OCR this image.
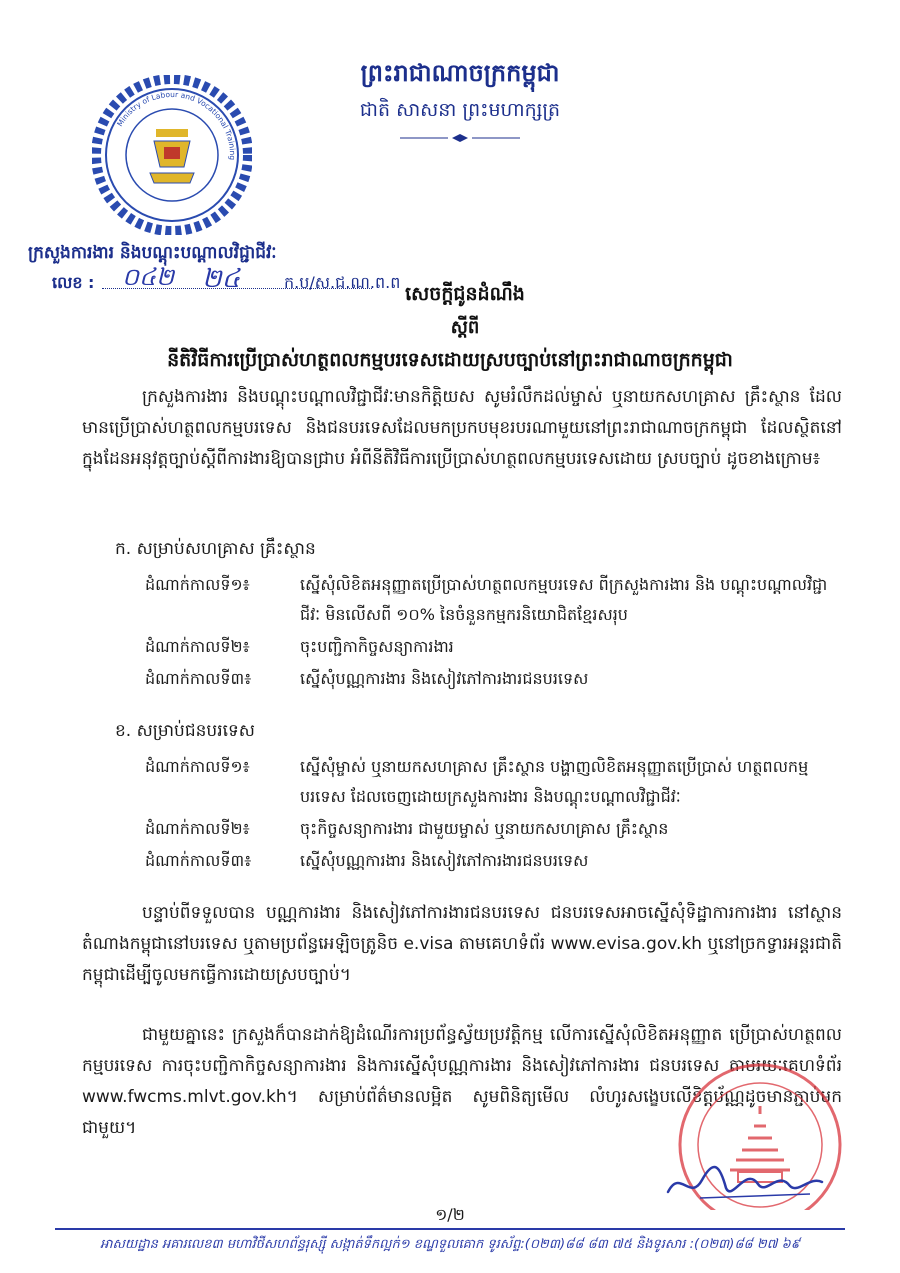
ព្រះរាជាណាចក្រកម្ពុជា
ជាតិ សាសនា ព្រះមហាក្សត្រ
Ministry of Labour and Vocational Training
ក្រសួងការងារ និងបណ្តុះបណ្តាលវិជ្ជាជីវៈ
លេខ : ០៤២ ២៤	ក.ប/ស.ជ.ណ.ព.ព
សេចក្តីជូនដំណឹង
ស្តីពី
នីតិវិធីការប្រើប្រាស់ហត្ថពលកម្មបរទេសដោយស្របច្បាប់នៅព្រះរាជាណាចក្រកម្ពុជា
ក្រសួងការងារ និងបណ្តុះបណ្តាលវិជ្ជាជីវៈមានកិត្តិយស សូមរំលឹកដល់ម្ចាស់ ឬនាយកសហគ្រាស គ្រឹះស្ថាន ដែលមានប្រើប្រាស់ហត្ថពលកម្មបរទេស និងជនបរទេសដែលមកប្រកបមុខរបរណាមួយនៅព្រះរាជាណាចក្រកម្ពុជា ដែលស្ថិតនៅក្នុងដែនអនុវត្តច្បាប់ស្តីពីការងារឱ្យបានជ្រាប អំពីនីតិវិធីការប្រើប្រាស់ហត្ថពលកម្មបរទេសដោយ ស្របច្បាប់ ដូចខាងក្រោម៖
ក. សម្រាប់សហគ្រាស គ្រឹះស្ថាន
ដំណាក់កាលទី១៖	ស្នើសុំលិខិតអនុញ្ញាតប្រើប្រាស់ហត្ថពលកម្មបរទេស ពីក្រសួងការងារ និង បណ្តុះបណ្តាលវិជ្ជាជីវៈ មិនលើសពី ១០% នៃចំនួនកម្មករនិយោជិតខ្មែរសរុប
ដំណាក់កាលទី២៖	ចុះបញ្ជិកាកិច្ចសន្យាការងារ
ដំណាក់កាលទី៣៖	ស្នើសុំបណ្ណការងារ និងសៀវភៅការងារជនបរទេស
ខ. សម្រាប់ជនបរទេស
ដំណាក់កាលទី១៖	ស្នើសុំម្ចាស់ ឬនាយកសហគ្រាស គ្រឹះស្ថាន បង្ហាញលិខិតអនុញ្ញាតប្រើប្រាស់ ហត្ថពលកម្មបរទេស ដែលចេញដោយក្រសួងការងារ និងបណ្តុះបណ្តាលវិជ្ជាជីវៈ
ដំណាក់កាលទី២៖	ចុះកិច្ចសន្យាការងារ ជាមួយម្ចាស់ ឬនាយកសហគ្រាស គ្រឹះស្ថាន
ដំណាក់កាលទី៣៖	ស្នើសុំបណ្ណការងារ និងសៀវភៅការងារជនបរទេស
បន្ទាប់ពីទទួលបាន បណ្ណការងារ និងសៀវភៅការងារជនបរទេស ជនបរទេសអាចស្នើសុំទិដ្ឋាការការងារ នៅស្ថានតំណាងកម្ពុជានៅបរទេស ឬតាមប្រព័ន្ធអេឡិចត្រូនិច e.visa តាមគេហទំព័រ www.evisa.gov.kh ឬនៅច្រកទ្វារអន្តរជាតិកម្ពុជាដើម្បីចូលមកធ្វើការដោយស្របច្បាប់។
ជាមួយគ្នានេះ ក្រសួងក៏បានដាក់ឱ្យដំណើរការប្រព័ន្ធស្វ័យប្រវត្តិកម្ម លើការស្នើសុំលិខិតអនុញ្ញាត ប្រើប្រាស់ហត្ថពលកម្មបរទេស ការចុះបញ្ជិកាកិច្ចសន្យាការងារ និងការស្នើសុំបណ្ណការងារ និងសៀវភៅការងារ ជនបរទេស តាមរយៈគេហទំព័រ www.fwcms.mlvt.gov.kh។ សម្រាប់ព័ត៌មានលម្អិត សូមពិនិត្យមើល លំហូរសង្ខេបលើខិត្តប័ណ្ណដូចមានភ្ជាប់មកជាមួយ។
១/២
អាសយដ្ឋាន អគារលេខ៣ មហាវិថីសហព័ន្ធរុស្ស៊ី សង្កាត់ទឹកល្អក់១ ខណ្ឌទួលគោក ទូរស័ព្ទ:(០២៣)៨៨ ៨៣ ៧៥ និងទូរសារ :(០២៣)៨៨ ២៧ ៦៩
